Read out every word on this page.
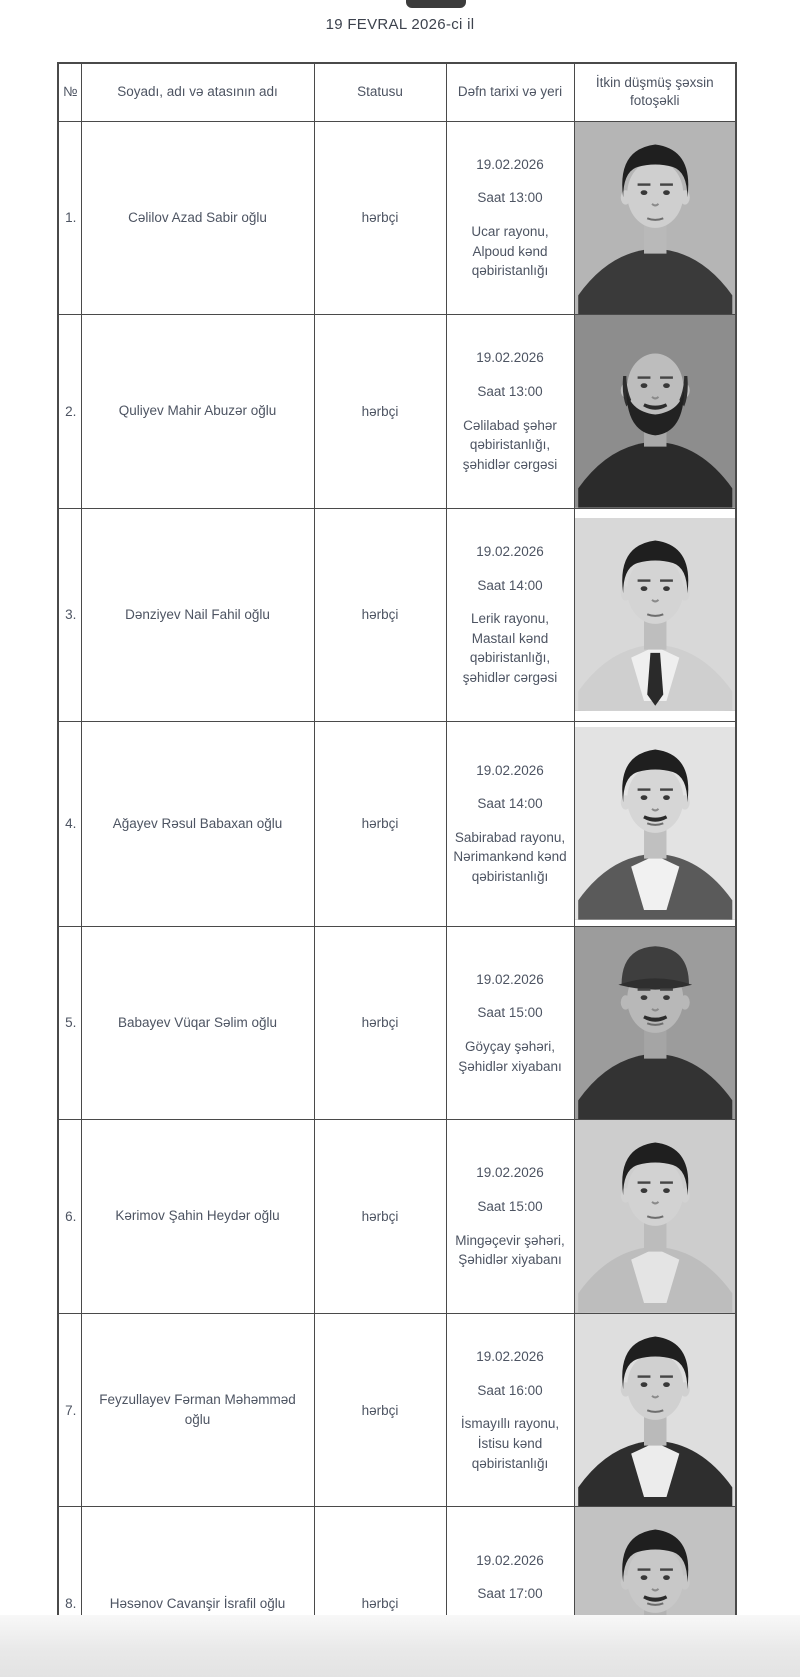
19 FEVRAL 2026-ci il
№	Soyadı, adı və atasının adı	Statusu	Dəfn tarixi və yeri	İtkin düşmüş şəxsin fotoşəkli
1.	Cəlilov Azad Sabir oğlu	hərbçi	19.02.2026
Saat 13:00
Ucar rayonu, Alpoud kənd qəbiristanlığı

2.	Quliyev Mahir Abuzər oğlu	hərbçi	19.02.2026
Saat 13:00
Cəlilabad şəhər qəbiristanlığı, şəhidlər cərgəsi

3.	Dənziyev Nail Fahil oğlu	hərbçi	19.02.2026
Saat 14:00
Lerik rayonu, Mastaıl kənd qəbiristanlığı, şəhidlər cərgəsi

4.	Ağayev Rəsul Babaxan oğlu	hərbçi	19.02.2026
Saat 14:00
Sabirabad rayonu, Nərimankənd kənd qəbiristanlığı

5.	Babayev Vüqar Səlim oğlu	hərbçi	19.02.2026
Saat 15:00
Göyçay şəhəri, Şəhidlər xiyabanı

6.	Kərimov Şahin Heydər oğlu	hərbçi	19.02.2026
Saat 15:00
Mingəçevir şəhəri, Şəhidlər xiyabanı

7.	Feyzullayev Fərman Məhəmməd oğlu	hərbçi	19.02.2026
Saat 16:00
İsmayıllı rayonu, İstisu kənd qəbiristanlığı

8.	Həsənov Cavanşir İsrafil oğlu	hərbçi	19.02.2026
Saat 17:00
